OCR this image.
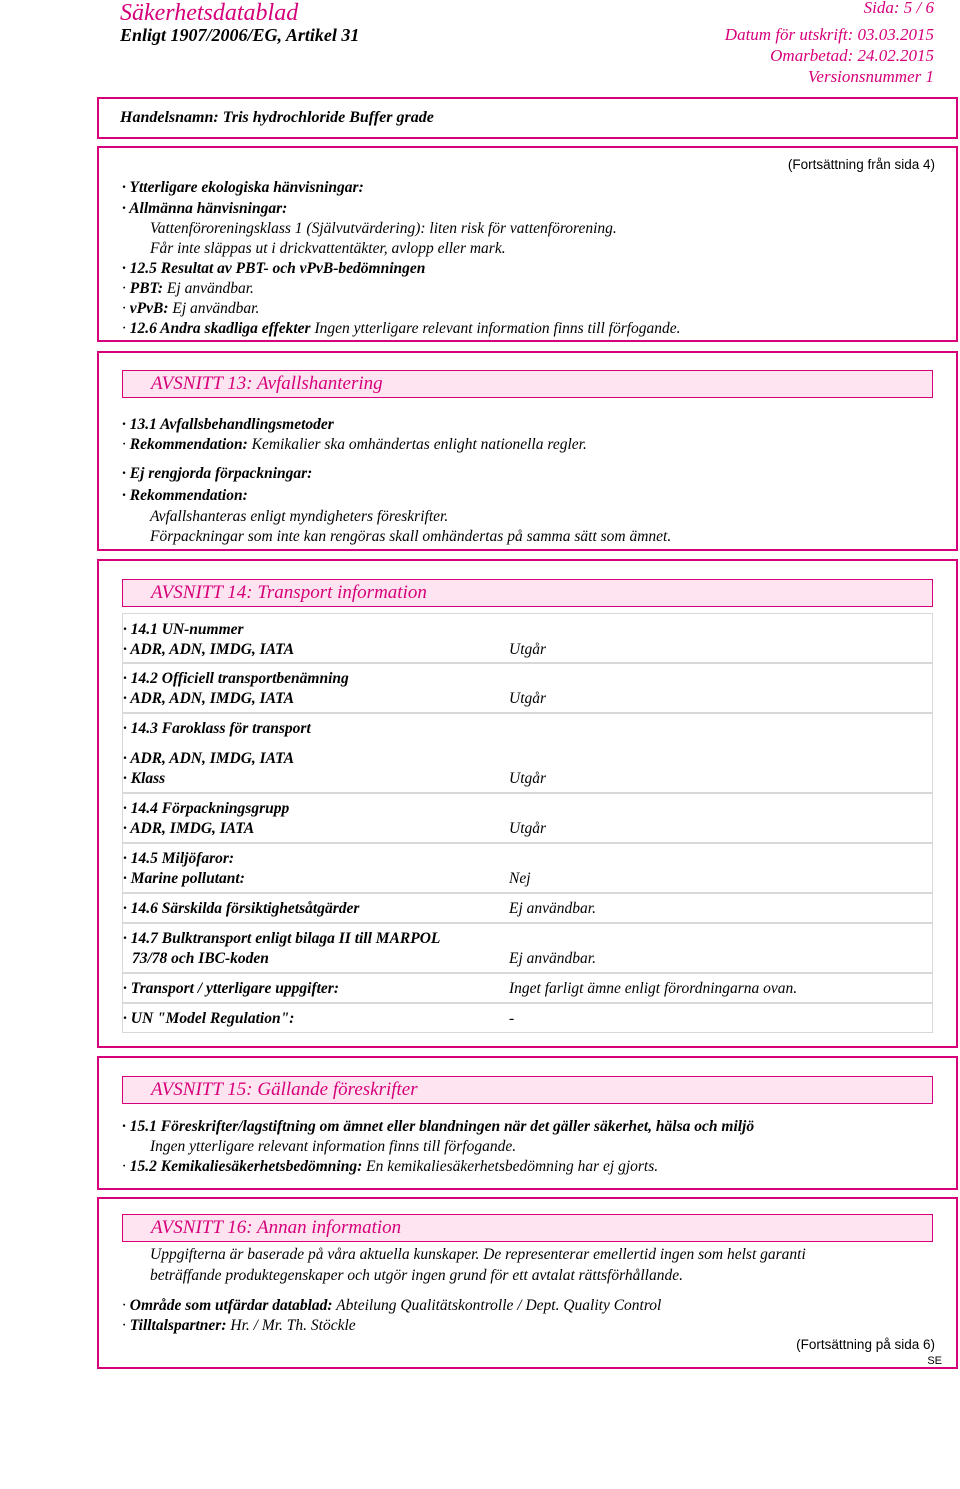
Säkerhetsdatablad	Sida: 5 / 6
Enligt 1907/2006/EG, Artikel 31	Datum för utskrift: 03.03.2015
Omarbetad: 24.02.2015
Versionsnummer 1
Handelsnamn: Tris hydrochloride Buffer grade
(Fortsättning från sida 4)
· Ytterligare ekologiska hänvisningar:
· Allmänna hänvisningar:
Vattenföroreningsklass 1 (Självutvärdering): liten risk för vattenförorening.
Får inte släppas ut i drickvattentäkter, avlopp eller mark.
· 12.5 Resultat av PBT- och vPvB-bedömningen
· PBT: Ej användbar.
· vPvB: Ej användbar.
· 12.6 Andra skadliga effekter Ingen ytterligare relevant information finns till förfogande.
AVSNITT 13: Avfallshantering
· 13.1 Avfallsbehandlingsmetoder
· Rekommendation: Kemikalier ska omhändertas enlight nationella regler.
· Ej rengjorda förpackningar:
· Rekommendation:
Avfallshanteras enligt myndigheters föreskrifter.
Förpackningar som inte kan rengöras skall omhändertas på samma sätt som ämnet.
AVSNITT 14: Transport information
· 14.1 UN-nummer
· ADR, ADN, IMDG, IATA	Utgår
· 14.2 Officiell transportbenämning
· ADR, ADN, IMDG, IATA	Utgår
· 14.3 Faroklass för transport
· ADR, ADN, IMDG, IATA
· Klass	Utgår
· 14.4 Förpackningsgrupp
· ADR, IMDG, IATA	Utgår
· 14.5 Miljöfaror:
· Marine pollutant:	Nej
· 14.6 Särskilda försiktighetsåtgärder	Ej användbar.
· 14.7 Bulktransport enligt bilaga II till MARPOL
73/78 och IBC-koden	Ej användbar.
· Transport / ytterligare uppgifter:	Inget farligt ämne enligt förordningarna ovan.
· UN "Model Regulation":	-
AVSNITT 15: Gällande föreskrifter
· 15.1 Föreskrifter/lagstiftning om ämnet eller blandningen när det gäller säkerhet, hälsa och miljö
Ingen ytterligare relevant information finns till förfogande.
· 15.2 Kemikaliesäkerhetsbedömning: En kemikaliesäkerhetsbedömning har ej gjorts.
AVSNITT 16: Annan information
Uppgifterna är baserade på våra aktuella kunskaper. De representerar emellertid ingen som helst garanti
beträffande produktegenskaper och utgör ingen grund för ett avtalat rättsförhållande.
· Område som utfärdar datablad: Abteilung Qualitätskontrolle / Dept. Quality Control
· Tilltalspartner: Hr. / Mr. Th. Stöckle
(Fortsättning på sida 6)
SE
